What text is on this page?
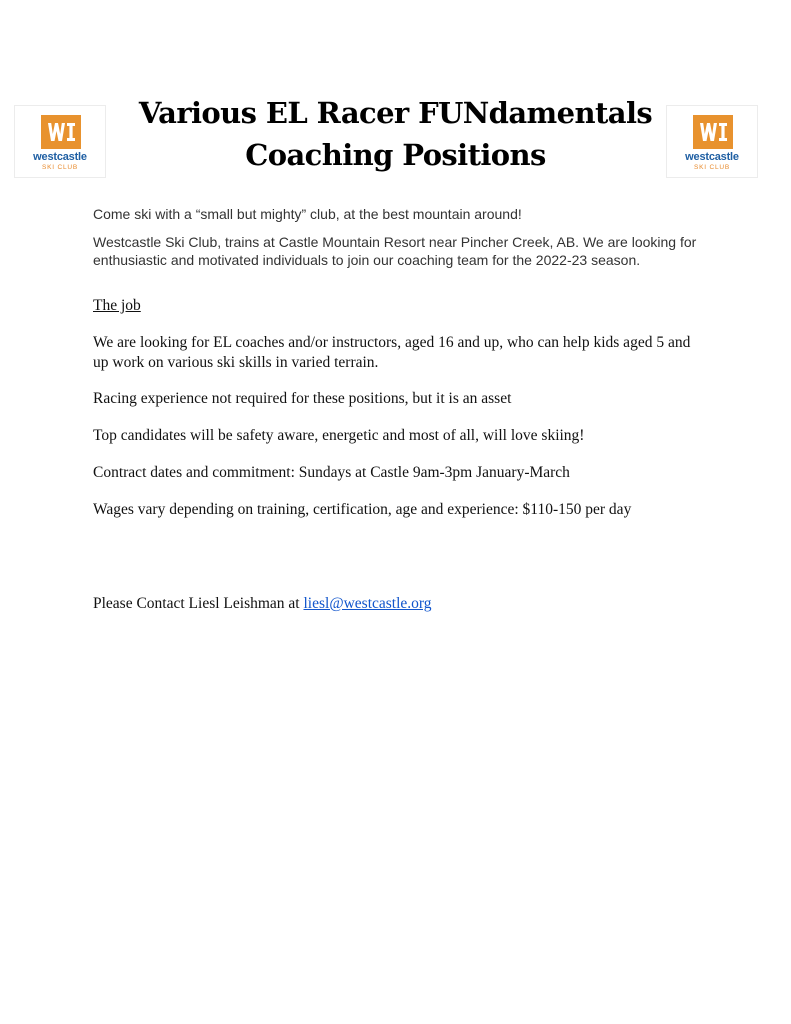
westcastle
SKI CLUB
westcastle
SKI CLUB
Various EL Racer FUNdamentals
Coaching Positions
Come ski with a “small but mighty” club, at the best mountain around!
Westcastle Ski Club, trains at Castle Mountain Resort near Pincher Creek, AB. We are looking for enthusiastic and motivated individuals to join our coaching team for the 2022-23 season.
The job
We are looking for EL coaches and/or instructors, aged 16 and up, who can help kids aged 5 and up work on various ski skills in varied terrain.
Racing experience not required for these positions, but it is an asset
Top candidates will be safety aware, energetic and most of all, will love skiing!
Contract dates and commitment: Sundays at Castle 9am-3pm January-March
Wages vary depending on training, certification, age and experience: $110-150 per day
Please Contact Liesl Leishman at liesl@westcastle.org
